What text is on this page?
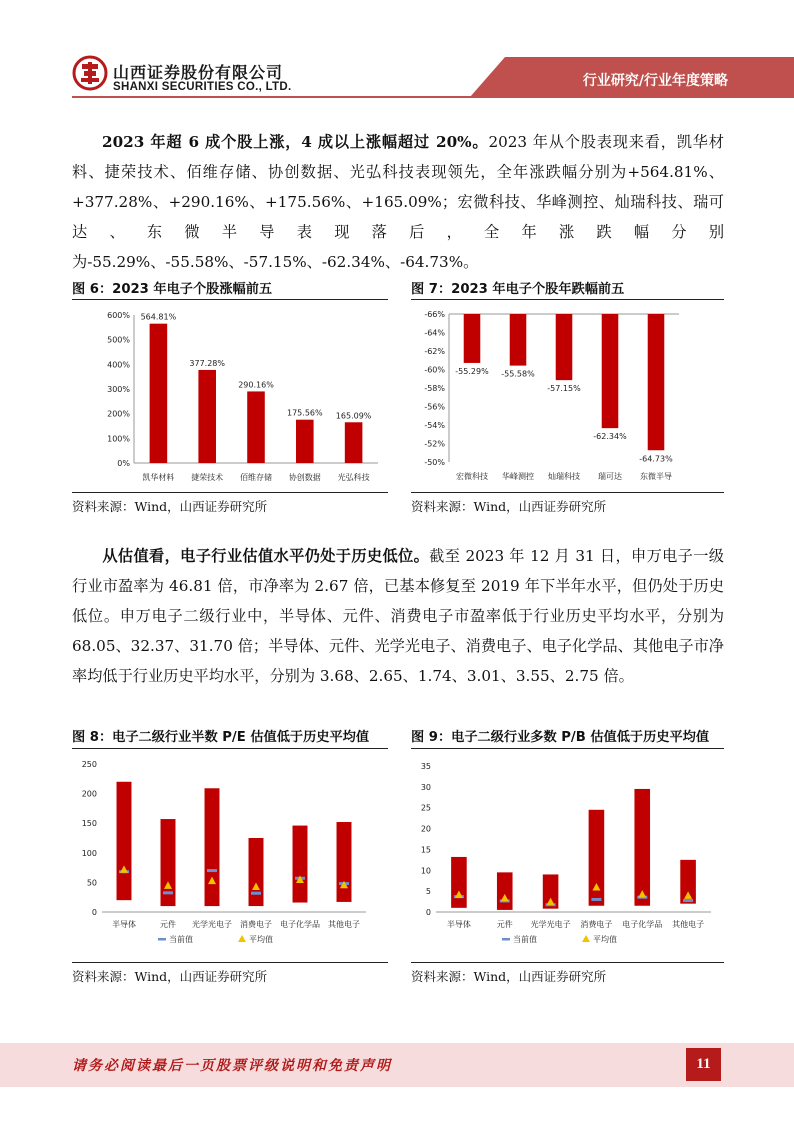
山西证券股份有限公司
SHANXI SECURITIES CO., LTD.	行业研究/行业年度策略
2023 年超 6 成个股上涨，4 成以上涨幅超过 20%。2023 年从个股表现来看，凯华材料、捷荣技术、佰维存储、协创数据、光弘科技表现领先，全年涨跌幅分别为+564.81%、+377.28%、+290.16%、+175.56%、+165.09%；宏微科技、华峰测控、灿瑞科技、瑞可达、东微半导表现落后，全年涨跌幅分别为-55.29%、-55.58%、-57.15%、-62.34%、-64.73%。
图 6：2023 年电子个股涨幅前五
0%
100%
200%
300%
400%
500%
600% 564.81%
凯华材料
377.28%
捷荣技术
290.16%
佰维存储
175.56%
协创数据
165.09%
光弘科技
资料来源：Wind，山西证券研究所
图 7：2023 年电子个股年跌幅前五
-50%
-52%
-54%
-56%
-58%
-60%
-62%
-64%
-66%
-55.29%
宏微科技
-55.58%
华峰测控
-57.15%
灿瑞科技
-62.34%
瑞可达
-64.73%
东微半导
资料来源：Wind，山西证券研究所
从估值看，电子行业估值水平仍处于历史低位。截至 2023 年 12 月 31 日，申万电子一级行业市盈率为 46.81 倍，市净率为 2.67 倍，已基本修复至 2019 年下半年水平，但仍处于历史低位。申万电子二级行业中，半导体、元件、消费电子市盈率低于行业历史平均水平，分别为 68.05、32.37、31.70 倍；半导体、元件、光学光电子、消费电子、电子化学品、其他电子市净率均低于行业历史平均水平，分别为 3.68、2.65、1.74、3.01、3.55、2.75 倍。
图 8：电子二级行业半数 P/E 估值低于历史平均值
0
50
100
150
200
250
半导体	元件 光学光电子 消费电子 电子化学品 其他电子
当前值	平均值
资料来源：Wind，山西证券研究所
图 9：电子二级行业多数 P/B 估值低于历史平均值
0
5
10
15
20
25
30
35
半导体	元件 光学光电子 消费电子 电子化学品 其他电子
当前值	平均值
资料来源：Wind，山西证券研究所
请务必阅读最后一页股票评级说明和免责声明	11
